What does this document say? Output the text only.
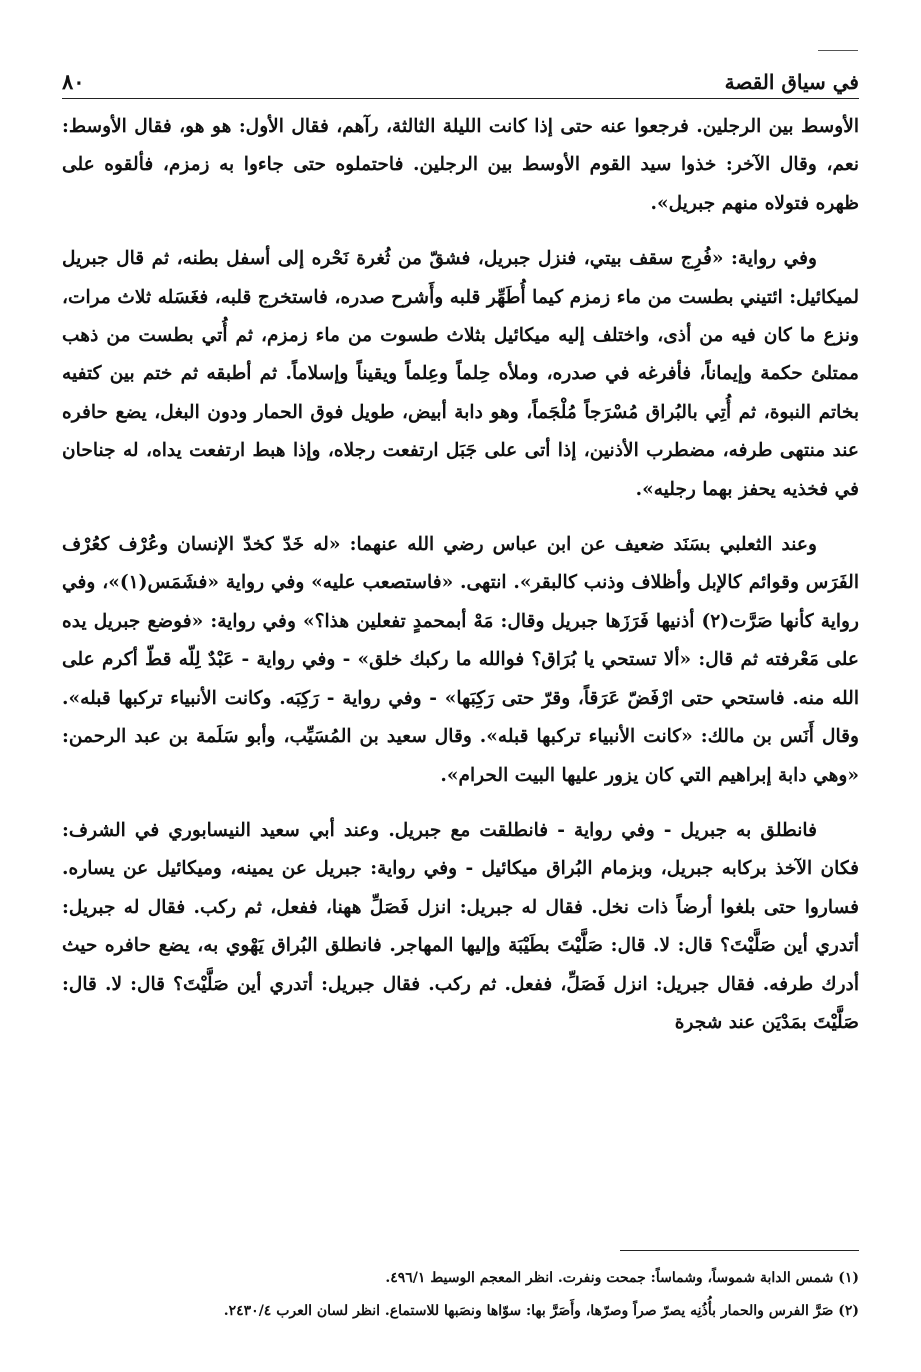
في سياق القصة
٨٠

الأوسط بين الرجلين. فرجعوا عنه حتى إذا كانت الليلة الثالثة، رآهم، فقال الأول: هو هو، فقال الأوسط: نعم، وقال الآخر: خذوا سيد القوم الأوسط بين الرجلين. فاحتملوه حتى جاءوا به زمزم، فألقوه على ظهره فتولاه منهم جبريل».

وفي رواية: «فُرِج سقف بيتي، فنزل جبريل، فشقّ من ثُغرة نَحْره إلى أسفل بطنه، ثم قال جبريل لميكائيل: ائتيني بطست من ماء زمزم كيما أُطَهِّر قلبه وأَشرح صدره، فاستخرج قلبه، فغَسَله ثلاث مرات، ونزع ما كان فيه من أذى، واختلف إليه ميكائيل بثلاث طسوت من ماء زمزم، ثم أُتي بطست من ذهب ممتلئ حكمة وإيماناً، فأفرغه في صدره، وملأه حِلماً وعِلماً ويقيناً وإسلاماً. ثم أطبقه ثم ختم بين كتفيه بخاتم النبوة، ثم أُتِي بالبُراق مُسْرَجاً مُلْجَماً، وهو دابة أبيض، طويل فوق الحمار ودون البغل، يضع حافره عند منتهى طرفه، مضطرب الأذنين، إذا أتى على جَبَل ارتفعت رجلاه، وإذا هبط ارتفعت يداه، له جناحان في فخذيه يحفز بهما رجليه».

وعند الثعلبي بسَنَد ضعيف عن ابن عباس رضي الله عنهما: «له خَدّ كخدّ الإنسان وعُرْف كعُرْف الفَرَس وقوائم كالإبل وأظلاف وذنب كالبقر». انتهى. «فاستصعب عليه» وفي رواية «فشَمَس(١)»، وفي رواية كأنها صَرَّت(٢) أذنيها فَرَزَها جبريل وقال: مَهْ أبمحمدٍ تفعلين هذا؟» وفي رواية: «فوضع جبريل يده على مَعْرفته ثم قال: «ألا تستحي يا بُرَاق؟ فوالله ما ركبك خلق» - وفي رواية - عَبْدٌ لِلّه قطّ أكرم على الله منه. فاستحي حتى ارْفَضّ عَرَقاً، وقرّ حتى رَكِبَها» - وفي رواية - رَكِبَه. وكانت الأنبياء تركبها قبله». وقال أَنَس بن مالك: «كانت الأنبياء تركبها قبله». وقال سعيد بن المُسَيِّب، وأبو سَلَمة بن عبد الرحمن: «وهي دابة إبراهيم التي كان يزور عليها البيت الحرام».

فانطلق به جبريل - وفي رواية - فانطلقت مع جبريل. وعند أبي سعيد النيسابوري في الشرف: فكان الآخذ بركابه جبريل، وبزمام البُراق ميكائيل - وفي رواية: جبريل عن يمينه، وميكائيل عن يساره. فساروا حتى بلغوا أرضاً ذات نخل. فقال له جبريل: انزل فَصَلِّ ههنا، ففعل، ثم ركب. فقال له جبريل: أتدري أين صَلَّيْتَ؟ قال: لا. قال: صَلَّيْتَ بطَيْبَة وإليها المهاجر. فانطلق البُراق يَهْوي به، يضع حافره حيث أدرك طرفه. فقال جبريل: انزل فَصَلِّ، ففعل. ثم ركب. فقال جبريل: أتدري أين صَلَّيْتَ؟ قال: لا. قال: صَلَّيْتَ بمَدْيَن عند شجرة

(١) شمس الدابة شموساً، وشماساً: جمحت ونفرت. انظر المعجم الوسيط ٤٩٦/١.
(٢) صَرَّ الفرس والحمار بأُذُنِه يصرّ صراً وصرّها، وأَصَرَّ بها: سوّاها ونصَبها للاستماع. انظر لسان العرب ٢٤٣٠/٤.
